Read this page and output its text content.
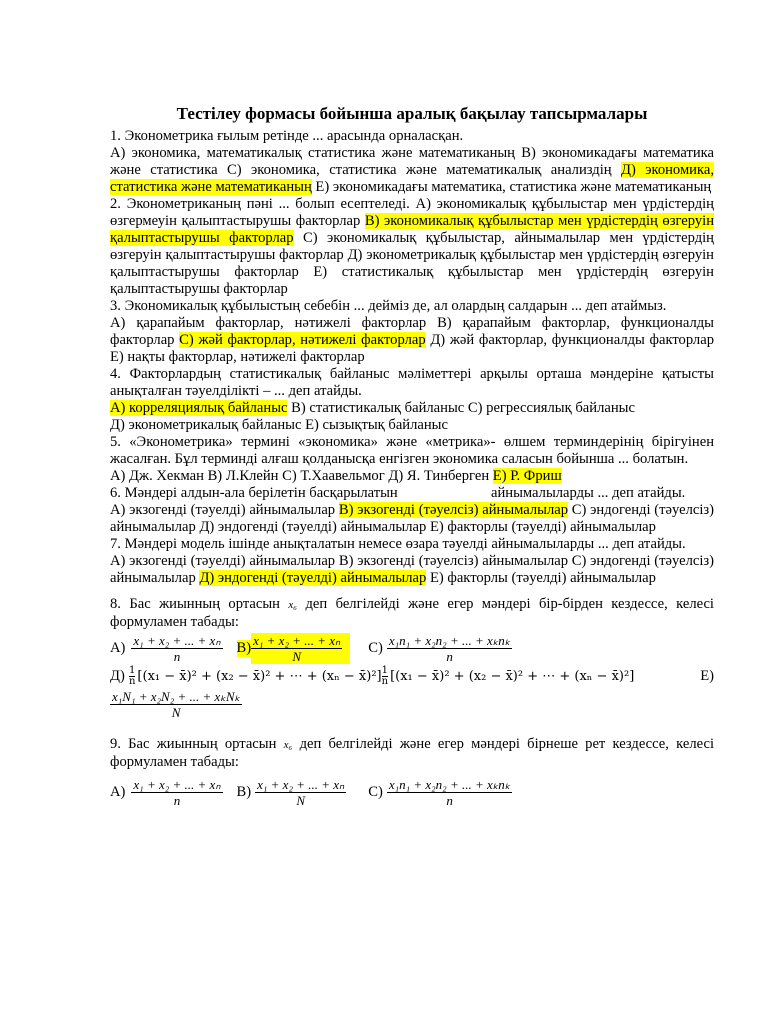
Тестілеу формасы бойынша аралық бақылау тапсырмалары

1. Эконометрика ғылым ретінде ... арасында орналасқан.
А) экономика, математикалық статистика және математиканың В) экономикадағы математика және статистика С) экономика, статистика және математикалық анализдің Д) экономика, статистика және математиканың Е) экономикадағы математика, статистика және математиканың

2. Эконометриканың пәні ... болып есептеледі. А) экономикалық құбылыстар мен үрдістердің өзгермеуін қалыптастырушы факторлар В) экономикалық құбылыстар мен үрдістердің өзгеруін қалыптастырушы факторлар С) экономикалық құбылыстар, айнымалылар мен үрдістердің өзгеруін қалыптастырушы факторлар Д) эконометрикалық құбылыстар мен үрдістердің өзгеруін қалыптастырушы факторлар Е) статистикалық құбылыстар мен үрдістердің өзгеруін қалыптастырушы факторлар

3. Экономикалық құбылыстың себебін ... дейміз де, ал олардың салдарын ... деп атаймыз.
А) қарапайым факторлар, нәтижелі факторлар В) қарапайым факторлар, функционалды факторлар С) жәй факторлар, нәтижелі факторлар Д) жәй факторлар, функционалды факторлар Е) нақты факторлар, нәтижелі факторлар

4. Факторлардың статистикалық байланыс мәліметтері арқылы орташа мәндеріне қатысты анықталған тәуелділікті – ... деп атайды.
А) корреляциялық байланыс В) статистикалық байланыс С) регрессиялық байланыс
Д) эконометрикалық байланыс Е) сызықтық байланыс

5. «Эконометрика» термині «экономика» және «метрика»- өлшем терминдерінің бірігуінен жасалған. Бұл терминді алғаш қолданысқа енгізген экономика саласын бойынша ... болатын.
А) Дж. Хекман В) Л.Клейн С) Т.Хаавельмог Д) Я. Тинберген Е) Р. Фриш

6. Мәндері алдын-ала берілетін басқарылатын	айнымалыларды ... деп атайды.
А) экзогенді (тәуелді) айнымалылар В) экзогенді (тәуелсіз) айнымалылар С) эндогенді (тәуелсіз) айнымалылар Д) эндогенді (тәуелді) айнымалылар Е) факторлы (тәуелді) айнымалылар

7. Мәндері модель ішінде анықталатын немесе өзара тәуелді айнымалыларды ... деп атайды.
А) экзогенді (тәуелді) айнымалылар В) экзогенді (тәуелсіз) айнымалылар С) эндогенді (тәуелсіз) айнымалылар Д) эндогенді (тәуелді) айнымалылар Е) факторлы (тәуелді) айнымалылар

8. Бас жиынның ортасын x₆ деп белгілейді және егер мәндері бір-бірден кездессе, келесі формуламен табады:

$А) \frac{\text{x₁ + x₂ + ... + xₙ}}{n} В) \frac{\text{x₁ + x₂ + ... + xₙ}}{N} С) \frac{\text{x₁n₁ + x₂n₂ + ... + xₖnₖ}}{n}$
$Д) \frac{1}{n} [(x_1$ − x̄)² + (x₂ − x̄)² + ⋯ + (xₙ − x̄)²] $\frac{1}{n} [(x_1$ − x̄)² + (x₂ − x̄)² + ⋯ + (xₙ − x̄)²]	Е)
$\frac{\text{x₁N₁ + x₂N₂ + ... + xₖNₖ}}{N}$

9. Бас жиынның ортасын x₆ деп белгілейді және егер мәндері бірнеше рет кездессе, келесі формуламен табады:

$А) \frac{\text{x₁ + x₂ + ... + xₙ}}{n} В) \frac{\text{x₁ + x₂ + ... + xₙ}}{N} С) \frac{\text{x₁n₁ + x₂n₂ + ... + xₖnₖ}}{n}$
